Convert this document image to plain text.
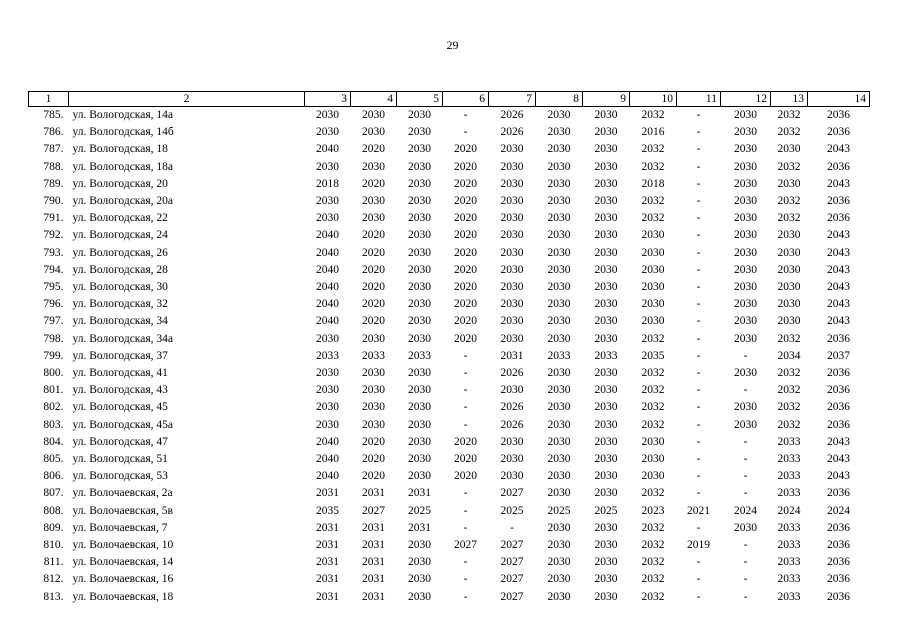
29
1	2	3	4	5	6	7	8	9	10	11	12	13	14
785.	ул. Вологодская, 14а	2030	2030	2030	-	2026	2030	2030	2032	-	2030	2032	2036
786.	ул. Вологодская, 14б	2030	2030	2030	-	2026	2030	2030	2016	-	2030	2032	2036
787.	ул. Вологодская, 18	2040	2020	2030	2020	2030	2030	2030	2032	-	2030	2030	2043
788.	ул. Вологодская, 18а	2030	2030	2030	2020	2030	2030	2030	2032	-	2030	2032	2036
789.	ул. Вологодская, 20	2018	2020	2030	2020	2030	2030	2030	2018	-	2030	2030	2043
790.	ул. Вологодская, 20а	2030	2030	2030	2020	2030	2030	2030	2032	-	2030	2032	2036
791.	ул. Вологодская, 22	2030	2030	2030	2020	2030	2030	2030	2032	-	2030	2032	2036
792.	ул. Вологодская, 24	2040	2020	2030	2020	2030	2030	2030	2030	-	2030	2030	2043
793.	ул. Вологодская, 26	2040	2020	2030	2020	2030	2030	2030	2030	-	2030	2030	2043
794.	ул. Вологодская, 28	2040	2020	2030	2020	2030	2030	2030	2030	-	2030	2030	2043
795.	ул. Вологодская, 30	2040	2020	2030	2020	2030	2030	2030	2030	-	2030	2030	2043
796.	ул. Вологодская, 32	2040	2020	2030	2020	2030	2030	2030	2030	-	2030	2030	2043
797.	ул. Вологодская, 34	2040	2020	2030	2020	2030	2030	2030	2030	-	2030	2030	2043
798.	ул. Вологодская, 34а	2030	2030	2030	2020	2030	2030	2030	2032	-	2030	2032	2036
799.	ул. Вологодская, 37	2033	2033	2033	-	2031	2033	2033	2035	-	-	2034	2037
800.	ул. Вологодская, 41	2030	2030	2030	-	2026	2030	2030	2032	-	2030	2032	2036
801.	ул. Вологодская, 43	2030	2030	2030	-	2030	2030	2030	2032	-	-	2032	2036
802.	ул. Вологодская, 45	2030	2030	2030	-	2026	2030	2030	2032	-	2030	2032	2036
803.	ул. Вологодская, 45а	2030	2030	2030	-	2026	2030	2030	2032	-	2030	2032	2036
804.	ул. Вологодская, 47	2040	2020	2030	2020	2030	2030	2030	2030	-	-	2033	2043
805.	ул. Вологодская, 51	2040	2020	2030	2020	2030	2030	2030	2030	-	-	2033	2043
806.	ул. Вологодская, 53	2040	2020	2030	2020	2030	2030	2030	2030	-	-	2033	2043
807.	ул. Волочаевская, 2а	2031	2031	2031	-	2027	2030	2030	2032	-	-	2033	2036
808.	ул. Волочаевская, 5в	2035	2027	2025	-	2025	2025	2025	2023	2021	2024	2024	2024
809.	ул. Волочаевская, 7	2031	2031	2031	-	-	2030	2030	2032	-	2030	2033	2036
810.	ул. Волочаевская, 10	2031	2031	2030	2027	2027	2030	2030	2032	2019	-	2033	2036
811.	ул. Волочаевская, 14	2031	2031	2030	-	2027	2030	2030	2032	-	-	2033	2036
812.	ул. Волочаевская, 16	2031	2031	2030	-	2027	2030	2030	2032	-	-	2033	2036
813.	ул. Волочаевская, 18	2031	2031	2030	-	2027	2030	2030	2032	-	-	2033	2036
